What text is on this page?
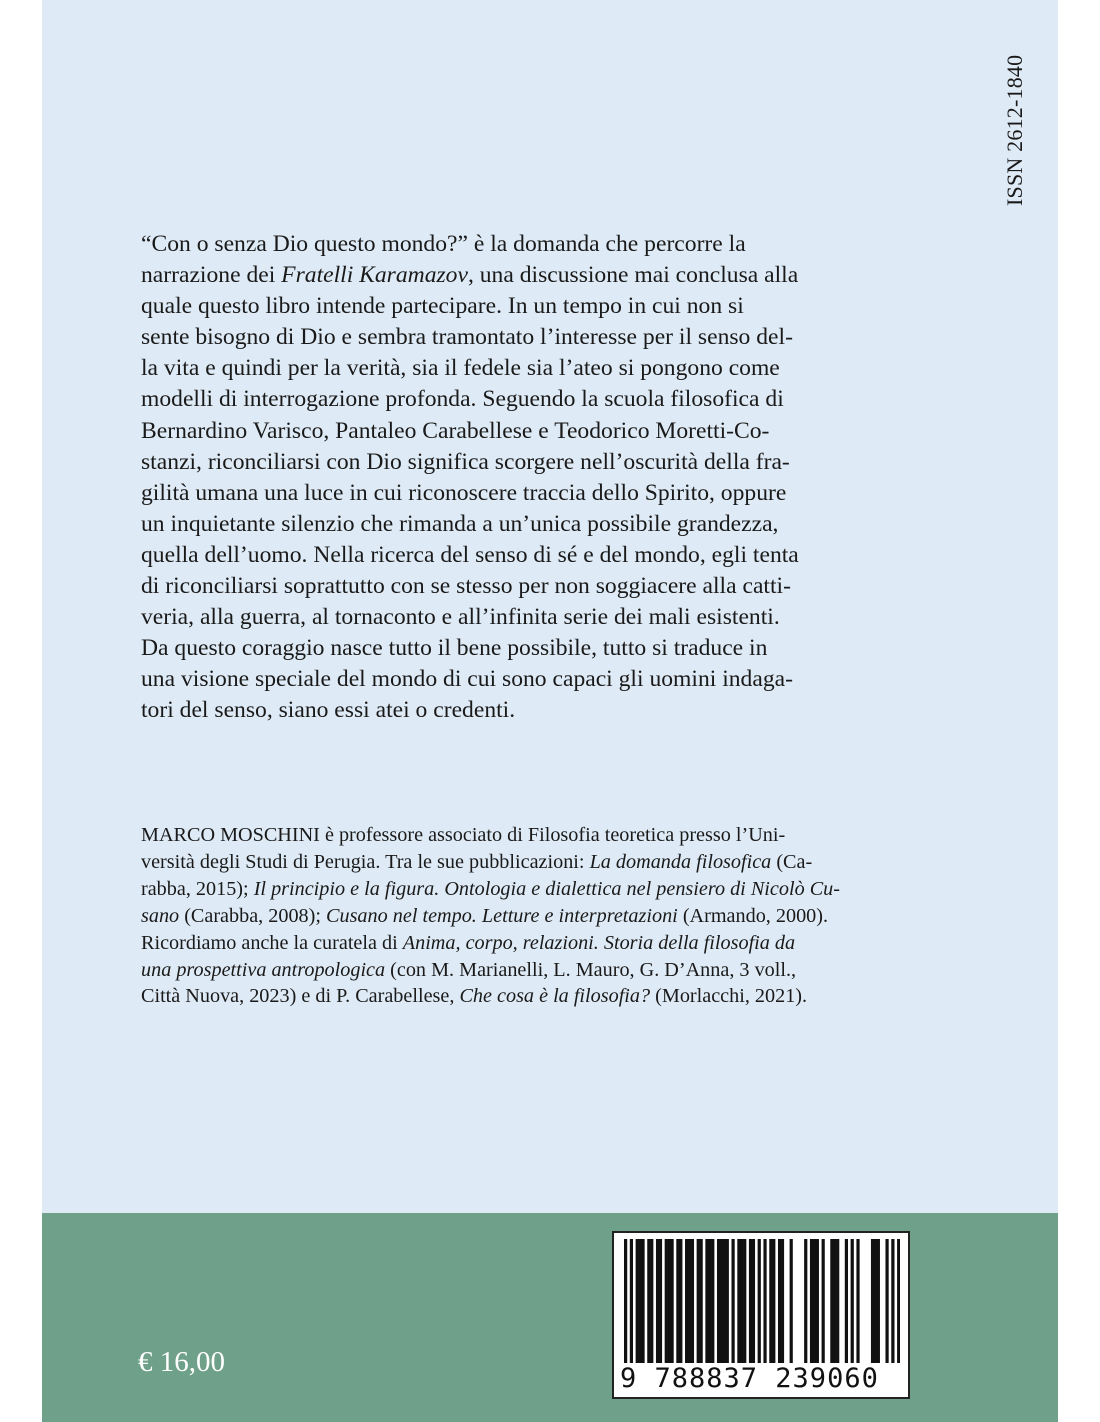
ISSN 2612-1840

“Con o senza Dio questo mondo?” è la domanda che percorre la
narrazione dei Fratelli Karamazov, una discussione mai conclusa alla
quale questo libro intende partecipare. In un tempo in cui non si
sente bisogno di Dio e sembra tramontato l’interesse per il senso del-
la vita e quindi per la verità, sia il fedele sia l’ateo si pongono come
modelli di interrogazione profonda. Seguendo la scuola filosofica di
Bernardino Varisco, Pantaleo Carabellese e Teodorico Moretti-Co-
stanzi, riconciliarsi con Dio significa scorgere nell’oscurità della fra-
gilità umana una luce in cui riconoscere traccia dello Spirito, oppure
un inquietante silenzio che rimanda a un’unica possibile grandezza,
quella dell’uomo. Nella ricerca del senso di sé e del mondo, egli tenta
di riconciliarsi soprattutto con se stesso per non soggiacere alla catti-
veria, alla guerra, al tornaconto e all’infinita serie dei mali esistenti.
Da questo coraggio nasce tutto il bene possibile, tutto si traduce in
una visione speciale del mondo di cui sono capaci gli uomini indaga-
tori del senso, siano essi atei o credenti.

MARCO MOSCHINI è professore associato di Filosofia teoretica presso l’Uni-
versità degli Studi di Perugia. Tra le sue pubblicazioni: La domanda filosofica (Ca-
rabba, 2015); Il principio e la figura. Ontologia e dialettica nel pensiero di Nicolò Cu-
sano (Carabba, 2008); Cusano nel tempo. Letture e interpretazioni (Armando, 2000).
Ricordiamo anche la curatela di Anima, corpo, relazioni. Storia della filosofia da
una prospettiva antropologica (con M. Marianelli, L. Mauro, G. D’Anna, 3 voll.,
Città Nuova, 2023) e di P. Carabellese, Che cosa è la filosofia? (Morlacchi, 2021).

€ 16,00
9 788837 239060
